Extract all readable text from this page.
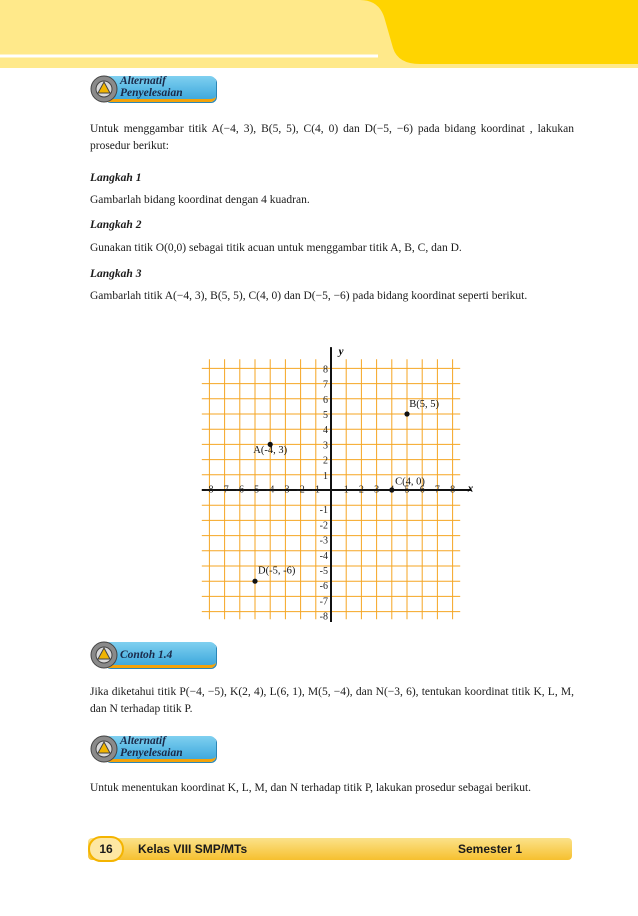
Alternatif
Penyelesaian
Untuk menggambar titik A(−4, 3), B(5, 5), C(4, 0) dan D(−5, −6) pada bidang koordinat , lakukan prosedur berikut:
Langkah 1
Gambarlah bidang koordinat dengan 4 kuadran.
Langkah 2
Gunakan titik O(0,0) sebagai titik acuan untuk menggambar titik A, B, C, dan D.
Langkah 3
Gambarlah titik A(−4, 3), B(5, 5), C(4, 0) dan D(−5, −6) pada bidang koordinat seperti berikut.
x
y
-8 -7 -6 -5 -4 -3 -2 -1 1 2 3	5 6 7 8
8
7
6
5
4
3
2
1
-1
-2
-3
-4
-5
-6
-7
-8
A(-4, 3)
B(5, 5)
C(4, 0)
D(-5, -6)
Contoh 1.4
Jika diketahui titik P(−4, −5), K(2, 4), L(6, 1), M(5, −4), dan N(−3, 6), tentukan koordinat titik K, L, M, dan N terhadap titik P.
Alternatif
Penyelesaian
Untuk menentukan koordinat K, L, M, dan N terhadap titik P, lakukan prosedur sebagai berikut.
16	Kelas VIII SMP/MTs	Semester 1
